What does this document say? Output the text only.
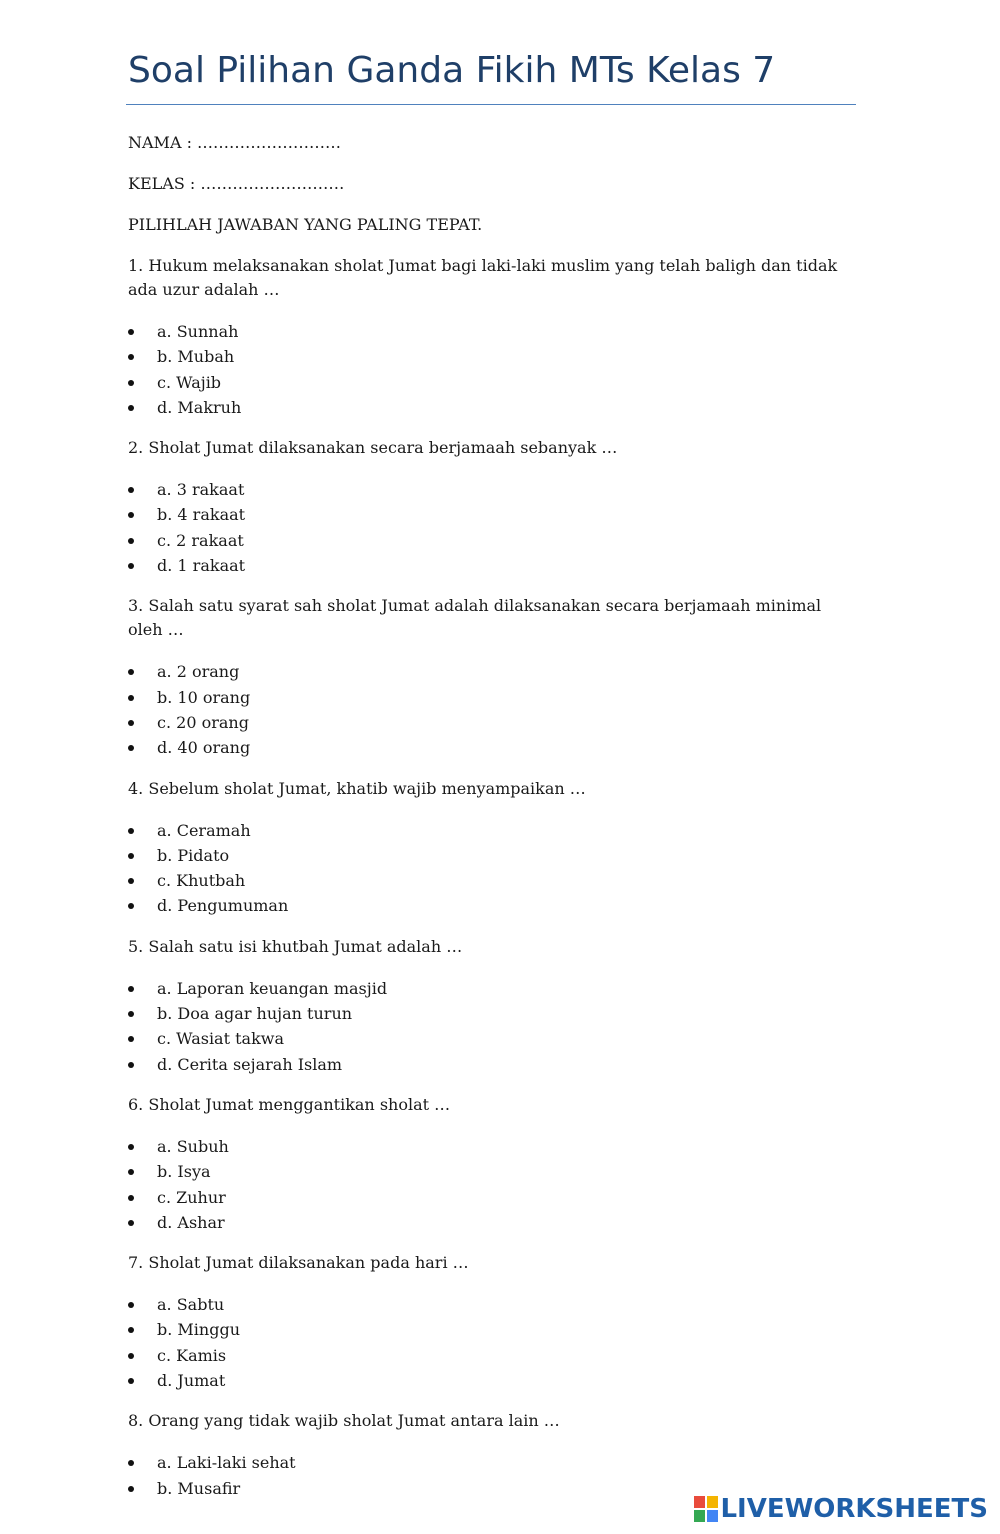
Soal Pilihan Ganda Fikih MTs Kelas 7

NAMA : ………………………

KELAS : ………………………

PILIHLAH JAWABAN YANG PALING TEPAT.

1. Hukum melaksanakan sholat Jumat bagi laki-laki muslim yang telah baligh dan tidak ada uzur adalah …

a. Sunnah
b. Mubah
c. Wajib
d. Makruh

2. Sholat Jumat dilaksanakan secara berjamaah sebanyak …

a. 3 rakaat
b. 4 rakaat
c. 2 rakaat
d. 1 rakaat

3. Salah satu syarat sah sholat Jumat adalah dilaksanakan secara berjamaah minimal oleh …

a. 2 orang
b. 10 orang
c. 20 orang
d. 40 orang

4. Sebelum sholat Jumat, khatib wajib menyampaikan …

a. Ceramah
b. Pidato
c. Khutbah
d. Pengumuman

5. Salah satu isi khutbah Jumat adalah …

a. Laporan keuangan masjid
b. Doa agar hujan turun
c. Wasiat takwa
d. Cerita sejarah Islam

6. Sholat Jumat menggantikan sholat …

a. Subuh
b. Isya
c. Zuhur
d. Ashar

7. Sholat Jumat dilaksanakan pada hari …

a. Sabtu
b. Minggu
c. Kamis
d. Jumat

8. Orang yang tidak wajib sholat Jumat antara lain …

a. Laki-laki sehat
b. Musafir
LIVEWORKSHEETS
